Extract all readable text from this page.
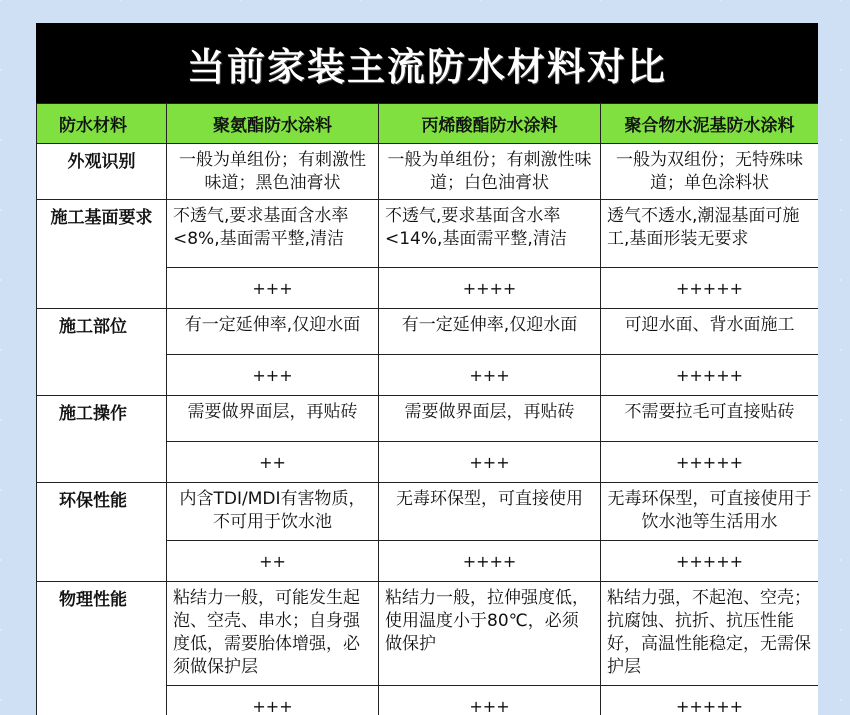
当前家装主流防水材料对比
防水材料	聚氨酯防水涂料	丙烯酸酯防水涂料	聚合物水泥基防水涂料
外观识别	一般为单组份；有刺激性味道；黑色油膏状	一般为单组份；有刺激性味道；白色油膏状	一般为双组份；无特殊味道；单色涂料状
施工基面要求	不透气,要求基面含水率<8%,基面需平整,清洁	不透气,要求基面含水率<14%,基面需平整,清洁	透气不透水,潮湿基面可施工,基面形装无要求
	+++	++++	+++++
施工部位	有一定延伸率,仅迎水面	有一定延伸率,仅迎水面	可迎水面、背水面施工
	+++	+++	+++++
施工操作	需要做界面层，再贴砖	需要做界面层，再贴砖	不需要拉毛可直接贴砖
	++	+++	+++++
环保性能	内含TDI/MDI有害物质，不可用于饮水池	无毒环保型，可直接使用	无毒环保型，可直接使用于饮水池等生活用水
	++	++++	+++++
物理性能	粘结力一般，可能发生起泡、空壳、串水；自身强度低，需要胎体增强，必须做保护层	粘结力一般，拉伸强度低，使用温度小于80℃，必须做保护	粘结力强，不起泡、空壳；抗腐蚀、抗折、抗压性能好，高温性能稳定，无需保护层
	+++	+++	+++++
